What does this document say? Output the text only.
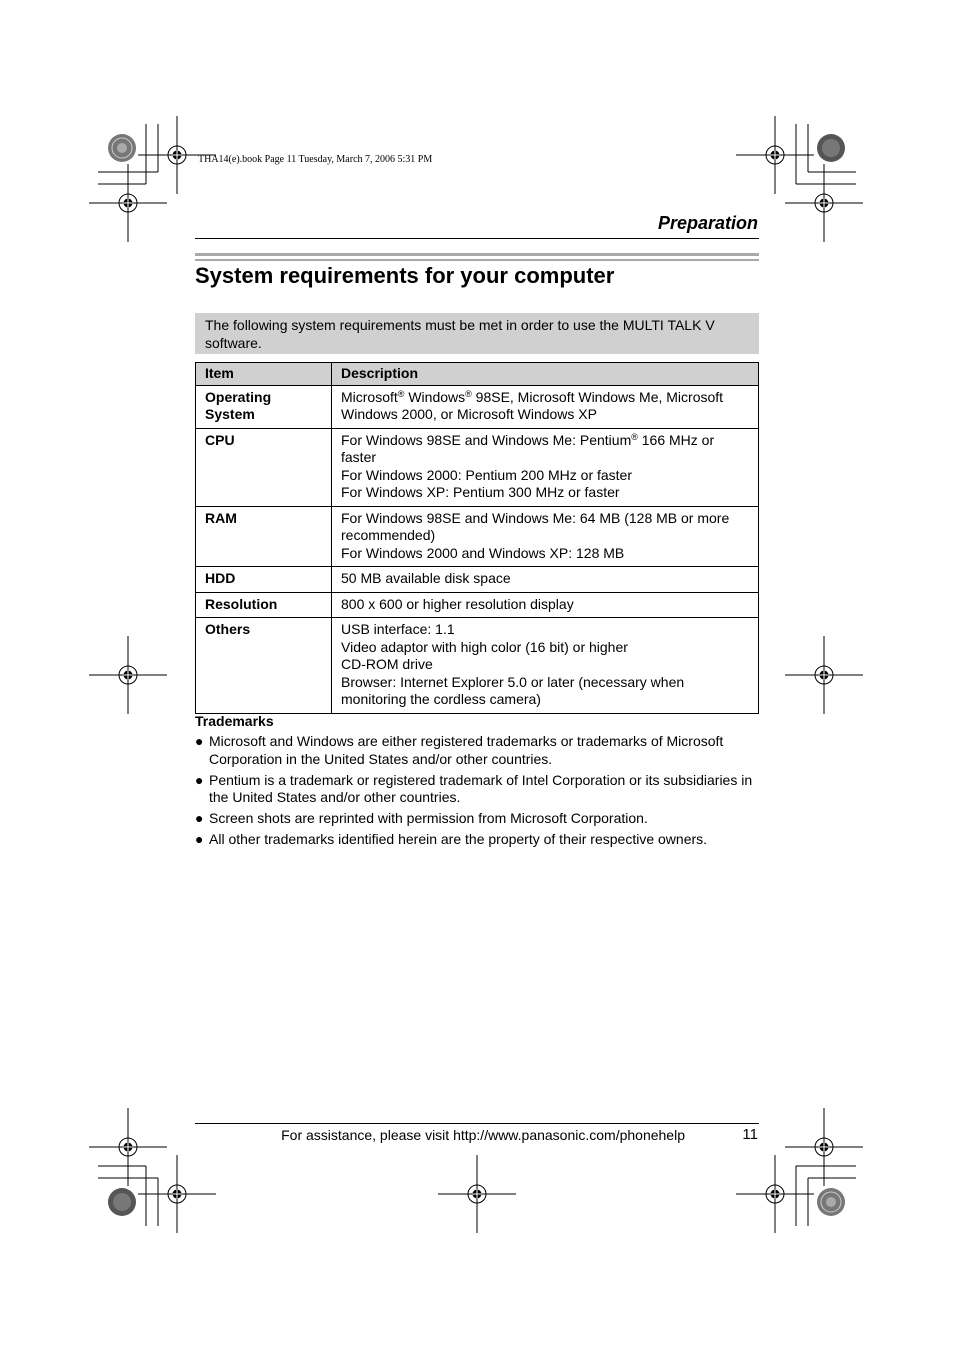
THA14(e).book Page 11 Tuesday, March 7, 2006 5:31 PM
Preparation
System requirements for your computer
The following system requirements must be met in order to use the MULTI TALK V software.
Item	Description
Operating System	Microsoft® Windows® 98SE, Microsoft Windows Me, Microsoft Windows 2000, or Microsoft Windows XP

CPU	For Windows 98SE and Windows Me: Pentium® 166 MHz or faster
For Windows 2000: Pentium 200 MHz or faster
For Windows XP: Pentium 300 MHz or faster

RAM	For Windows 98SE and Windows Me: 64 MB (128 MB or more recommended)
For Windows 2000 and Windows XP: 128 MB

HDD	50 MB available disk space

Resolution	800 x 600 or higher resolution display

Others	USB interface: 1.1
Video adaptor with high color (16 bit) or higher
CD-ROM drive
Browser: Internet Explorer 5.0 or later (necessary when monitoring the cordless camera)
Trademarks
● Microsoft and Windows are either registered trademarks or trademarks of Microsoft Corporation in the United States and/or other countries.
● Pentium is a trademark or registered trademark of Intel Corporation or its subsidiaries in the United States and/or other countries.
● Screen shots are reprinted with permission from Microsoft Corporation.
● All other trademarks identified herein are the property of their respective owners.
For assistance, please visit http://www.panasonic.com/phonehelp	11
